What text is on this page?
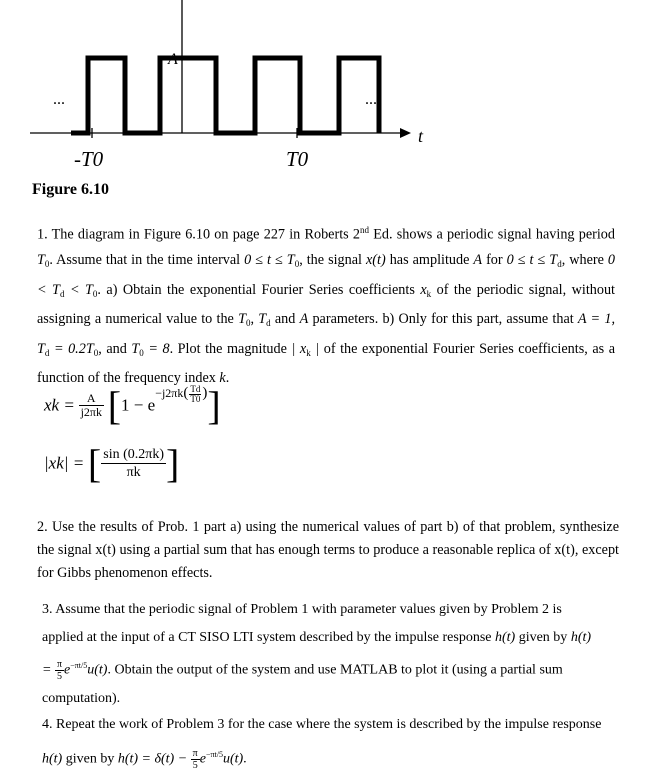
A
...	...
t
-T0	T0
Figure 6.10
1. The diagram in Figure 6.10 on page 227 in Roberts 2nd Ed. shows a periodic signal having period $T_0$. Assume that in the time interval $0 \le t \le T_0$, the signal x(t) has amplitude A for $0 \le t \le T_d$, where $0 < T_d < T_0$. a) Obtain the exponential Fourier Series coefficients $x_k$ of the periodic signal, without assigning a numerical value to the $T_0$, $T_d$ and A parameters. b) Only for this part, assume that A = 1, $T_d = 0.2T_0$, and $T_0 = 8$. Plot the magnitude | $x_k$ | of the exponential Fourier Series coefficients, as a function of the frequency index k.
xk = $\frac{A}{j2\pi k} [1 - e^{-j2\pi k( \frac{Td}{T0} )}]$
|xk| = [ $\frac{\sin (0.2\pi k)}{\pi k}$ ]
2. Use the results of Prob. 1 part a) using the numerical values of part b) of that problem, synthesize the signal x(t) using a partial sum that has enough terms to produce a reasonable replica of x(t), except for Gibbs phenomenon effects.
3. Assume that the periodic signal of Problem 1 with parameter values given by Problem 2 is applied at the input of a CT SISO LTI system described by the impulse response h(t) given by $h(t) = \frac{\pi}{5} e^{-\pi t/5}u(t)$. Obtain the output of the system and use MATLAB to plot it (using a partial sum computation).
4. Repeat the work of Problem 3 for the case where the system is described by the impulse response h(t) given by $h(t) = \delta(t) - \frac{\pi}{5} e^{-\pi t/5}u(t)$.
